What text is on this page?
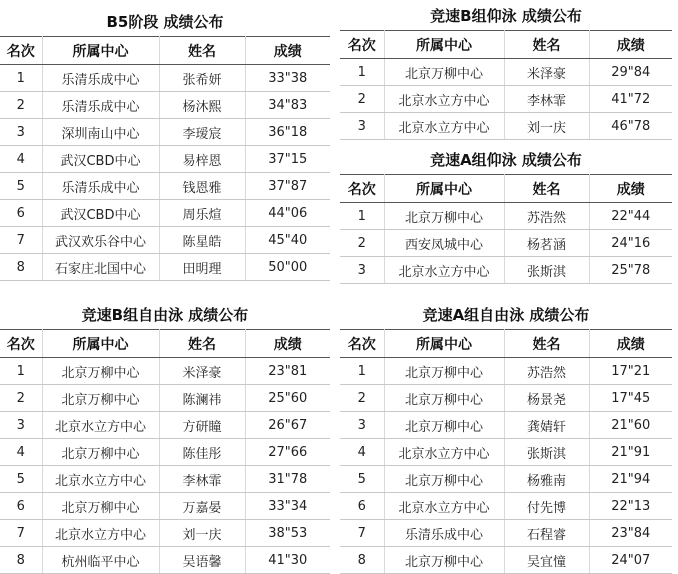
B5阶段 成绩公布
名次	所属中心	姓名	成绩
1	乐清乐成中心	张希妍	33"38
2	乐清乐成中心	杨沐熙	34"83
3	深圳南山中心	李瑷宸	36"18
4	武汉CBD中心	易梓恩	37"15
5	乐清乐成中心	钱恩雅	37"87
6	武汉CBD中心	周乐煊	44"06
7	武汉欢乐谷中心	陈星皓	45"40
8	石家庄北国中心	田明理	50"00
竞速B组仰泳 成绩公布
名次	所属中心	姓名	成绩
1	北京万柳中心	米泽豪	29"84
2	北京水立方中心	李林霏	41"72
3	北京水立方中心	刘一庆	46"78
竞速A组仰泳 成绩公布
名次	所属中心	姓名	成绩
1	北京万柳中心	苏浩然	22"44
2	西安凤城中心	杨茗涵	24"16
3	北京水立方中心	张斯淇	25"78
竞速B组自由泳 成绩公布
名次	所属中心	姓名	成绩
1	北京万柳中心	米泽豪	23"81
2	北京万柳中心	陈澜祎	25"60
3	北京水立方中心	方研瞳	26"67
4	北京万柳中心	陈佳彤	27"66
5	北京水立方中心	李林霏	31"78
6	北京万柳中心	万嘉晏	33"34
7	北京水立方中心	刘一庆	38"53
8	杭州临平中心	吴语馨	41"30
竞速A组自由泳 成绩公布
名次	所属中心	姓名	成绩
1	北京万柳中心	苏浩然	17"21
2	北京万柳中心	杨景尧	17"45
3	北京万柳中心	龚婧轩	21"60
4	北京水立方中心	张斯淇	21"91
5	北京万柳中心	杨雅南	21"94
6	北京水立方中心	付先博	22"13
7	乐清乐成中心	石程睿	23"84
8	北京万柳中心	吴宜憧	24"07
